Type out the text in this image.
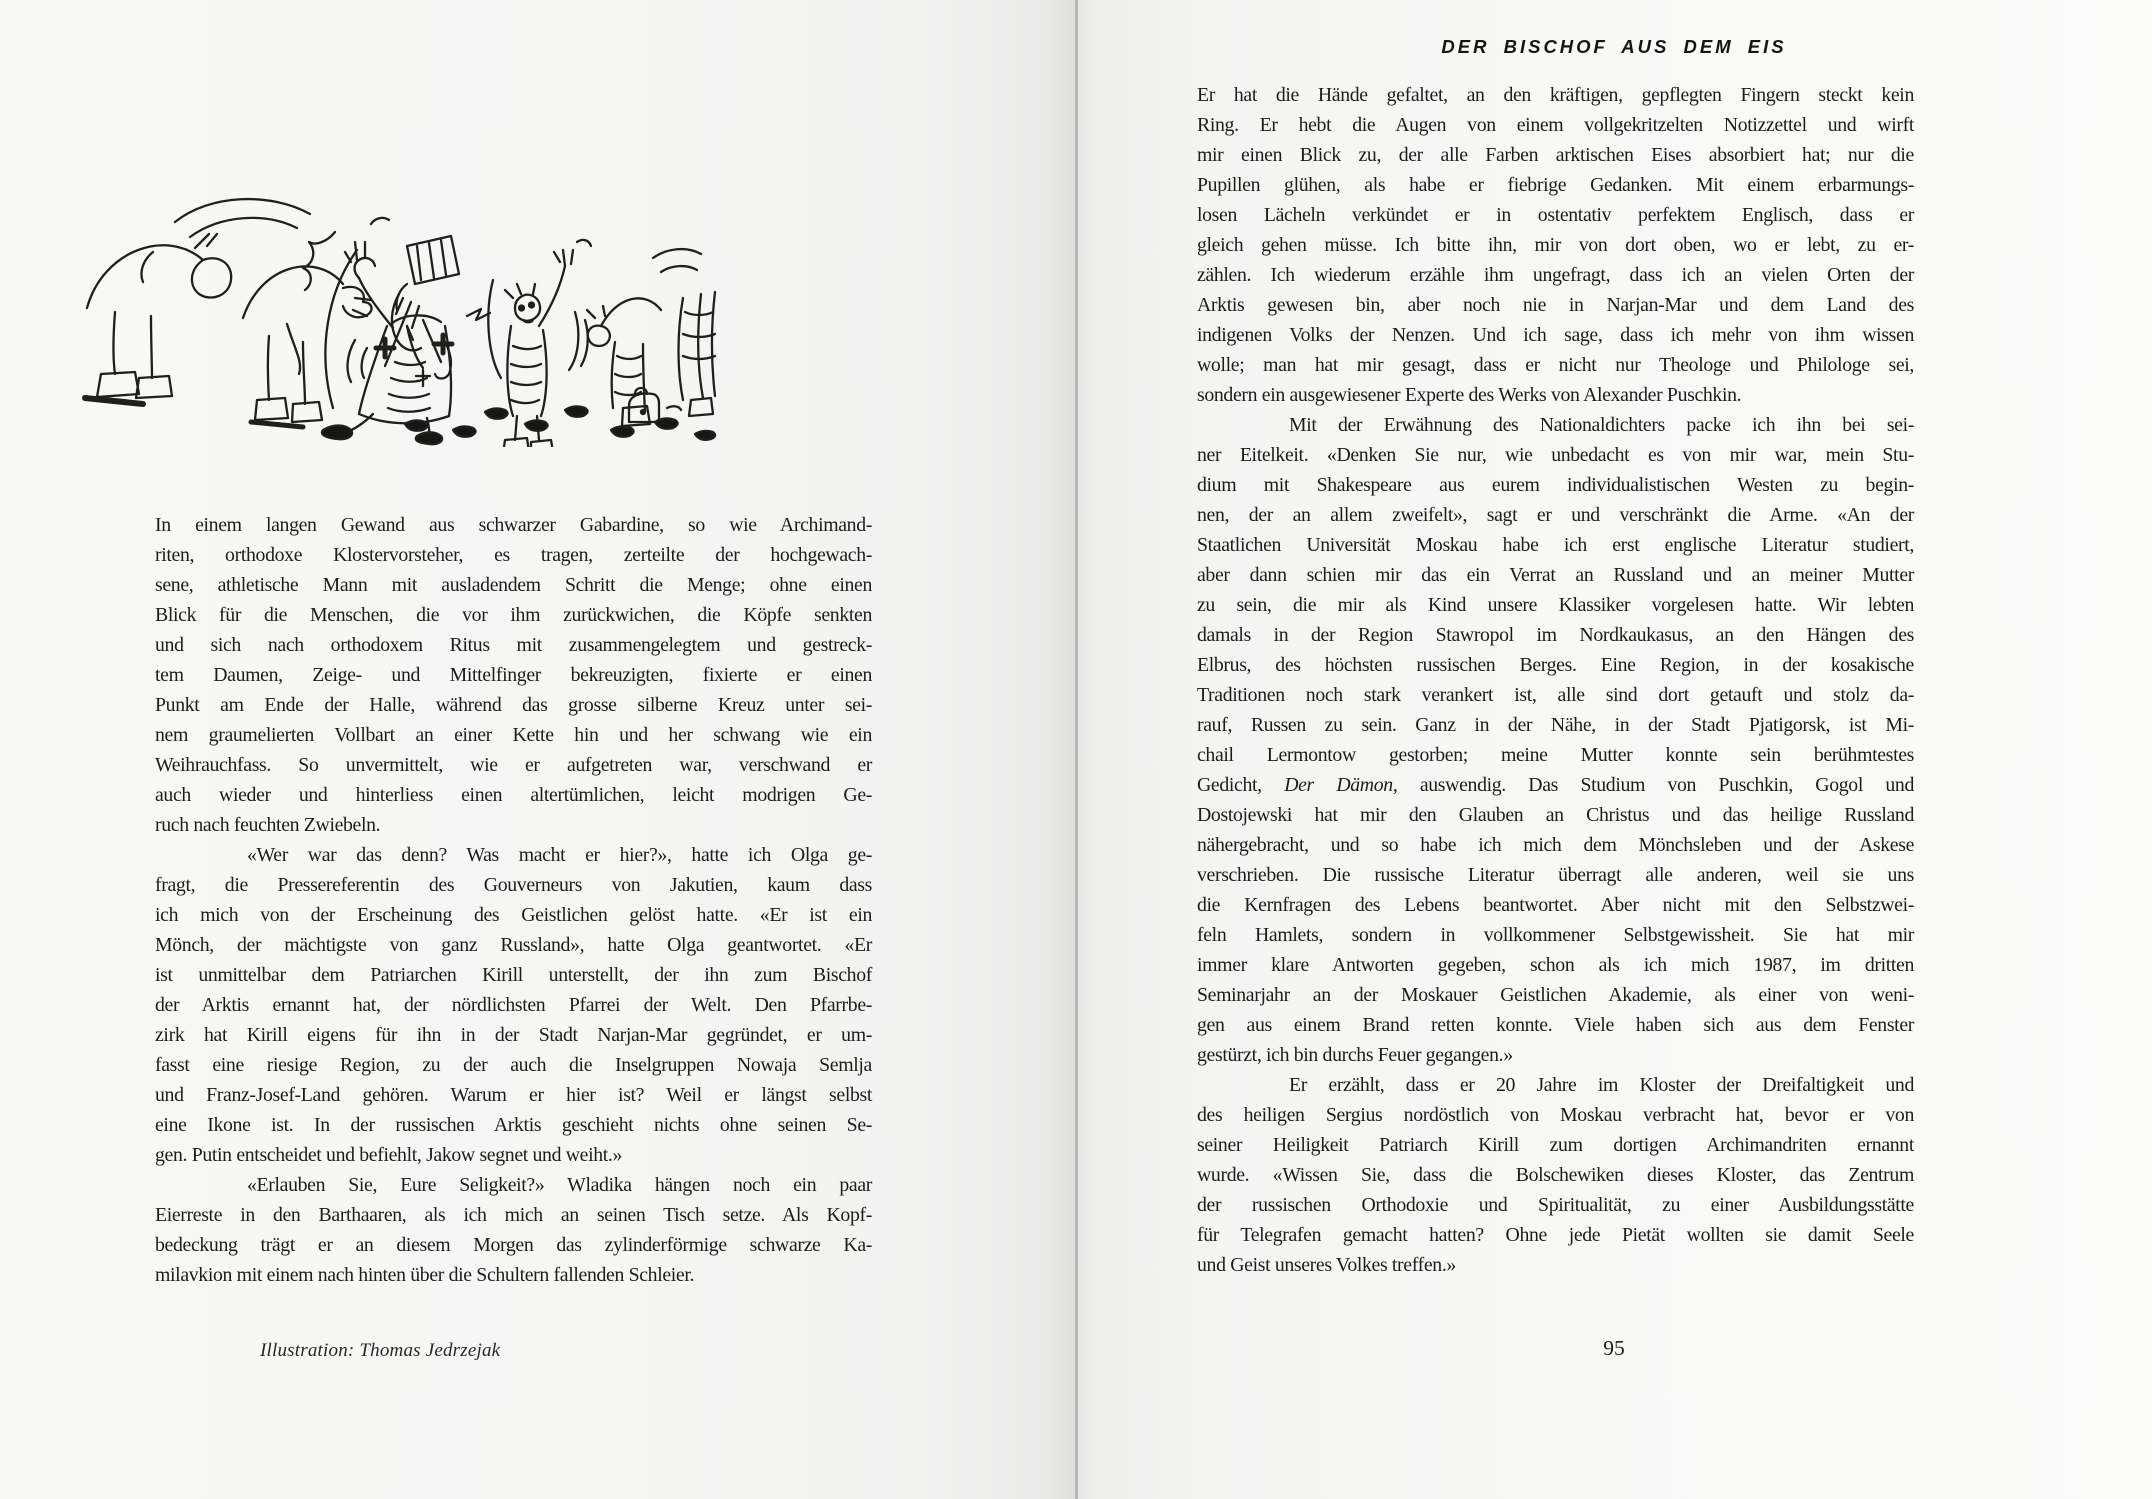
In einem langen Gewand aus schwarzer Gabardine, so wie Archimand-
riten, orthodoxe Klostervorsteher, es tragen, zerteilte der hochgewach-
sene, athletische Mann mit ausladendem Schritt die Menge; ohne einen
Blick für die Menschen, die vor ihm zurückwichen, die Köpfe senkten
und sich nach orthodoxem Ritus mit zusammengelegtem und gestreck-
tem Daumen, Zeige- und Mittelfinger bekreuzigten, fixierte er einen
Punkt am Ende der Halle, während das grosse silberne Kreuz unter sei-
nem graumelierten Vollbart an einer Kette hin und her schwang wie ein
Weihrauchfass. So unvermittelt, wie er aufgetreten war, verschwand er
auch wieder und hinterliess einen altertümlichen, leicht modrigen Ge-
ruch nach feuchten Zwiebeln.
«Wer war das denn? Was macht er hier?», hatte ich Olga ge-
fragt, die Pressereferentin des Gouverneurs von Jakutien, kaum dass
ich mich von der Erscheinung des Geistlichen gelöst hatte. «Er ist ein
Mönch, der mächtigste von ganz Russland», hatte Olga geantwortet. «Er
ist unmittelbar dem Patriarchen Kirill unterstellt, der ihn zum Bischof
der Arktis ernannt hat, der nördlichsten Pfarrei der Welt. Den Pfarrbe-
zirk hat Kirill eigens für ihn in der Stadt Narjan-Mar gegründet, er um-
fasst eine riesige Region, zu der auch die Inselgruppen Nowaja Semlja
und Franz-Josef-Land gehören. Warum er hier ist? Weil er längst selbst
eine Ikone ist. In der russischen Arktis geschieht nichts ohne seinen Se-
gen. Putin entscheidet und befiehlt, Jakow segnet und weiht.»
«Erlauben Sie, Eure Seligkeit?» Wladika hängen noch ein paar
Eierreste in den Barthaaren, als ich mich an seinen Tisch setze. Als Kopf-
bedeckung trägt er an diesem Morgen das zylinderförmige schwarze Ka-
milavkion mit einem nach hinten über die Schultern fallenden Schleier.
Illustration: Thomas Jedrzejak
DER BISCHOF AUS DEM EIS
Er hat die Hände gefaltet, an den kräftigen, gepflegten Fingern steckt kein
Ring. Er hebt die Augen von einem vollgekritzelten Notizzettel und wirft
mir einen Blick zu, der alle Farben arktischen Eises absorbiert hat; nur die
Pupillen glühen, als habe er fiebrige Gedanken. Mit einem erbarmungs-
losen Lächeln verkündet er in ostentativ perfektem Englisch, dass er
gleich gehen müsse. Ich bitte ihn, mir von dort oben, wo er lebt, zu er-
zählen. Ich wiederum erzähle ihm ungefragt, dass ich an vielen Orten der
Arktis gewesen bin, aber noch nie in Narjan-Mar und dem Land des
indigenen Volks der Nenzen. Und ich sage, dass ich mehr von ihm wissen
wolle; man hat mir gesagt, dass er nicht nur Theologe und Philologe sei,
sondern ein ausgewiesener Experte des Werks von Alexander Puschkin.
Mit der Erwähnung des Nationaldichters packe ich ihn bei sei-
ner Eitelkeit. «Denken Sie nur, wie unbedacht es von mir war, mein Stu-
dium mit Shakespeare aus eurem individualistischen Westen zu begin-
nen, der an allem zweifelt», sagt er und verschränkt die Arme. «An der
Staatlichen Universität Moskau habe ich erst englische Literatur studiert,
aber dann schien mir das ein Verrat an Russland und an meiner Mutter
zu sein, die mir als Kind unsere Klassiker vorgelesen hatte. Wir lebten
damals in der Region Stawropol im Nordkaukasus, an den Hängen des
Elbrus, des höchsten russischen Berges. Eine Region, in der kosakische
Traditionen noch stark verankert ist, alle sind dort getauft und stolz da-
rauf, Russen zu sein. Ganz in der Nähe, in der Stadt Pjatigorsk, ist Mi-
chail Lermontow gestorben; meine Mutter konnte sein berühmtestes
Gedicht, Der Dämon, auswendig. Das Studium von Puschkin, Gogol und
Dostojewski hat mir den Glauben an Christus und das heilige Russland
nähergebracht, und so habe ich mich dem Mönchsleben und der Askese
verschrieben. Die russische Literatur überragt alle anderen, weil sie uns
die Kernfragen des Lebens beantwortet. Aber nicht mit den Selbstzwei-
feln Hamlets, sondern in vollkommener Selbstgewissheit. Sie hat mir
immer klare Antworten gegeben, schon als ich mich 1987, im dritten
Seminarjahr an der Moskauer Geistlichen Akademie, als einer von weni-
gen aus einem Brand retten konnte. Viele haben sich aus dem Fenster
gestürzt, ich bin durchs Feuer gegangen.»
Er erzählt, dass er 20 Jahre im Kloster der Dreifaltigkeit und
des heiligen Sergius nordöstlich von Moskau verbracht hat, bevor er von
seiner Heiligkeit Patriarch Kirill zum dortigen Archimandriten ernannt
wurde. «Wissen Sie, dass die Bolschewiken dieses Kloster, das Zentrum
der russischen Orthodoxie und Spiritualität, zu einer Ausbildungsstätte
für Telegrafen gemacht hatten? Ohne jede Pietät wollten sie damit Seele
und Geist unseres Volkes treffen.»
95
